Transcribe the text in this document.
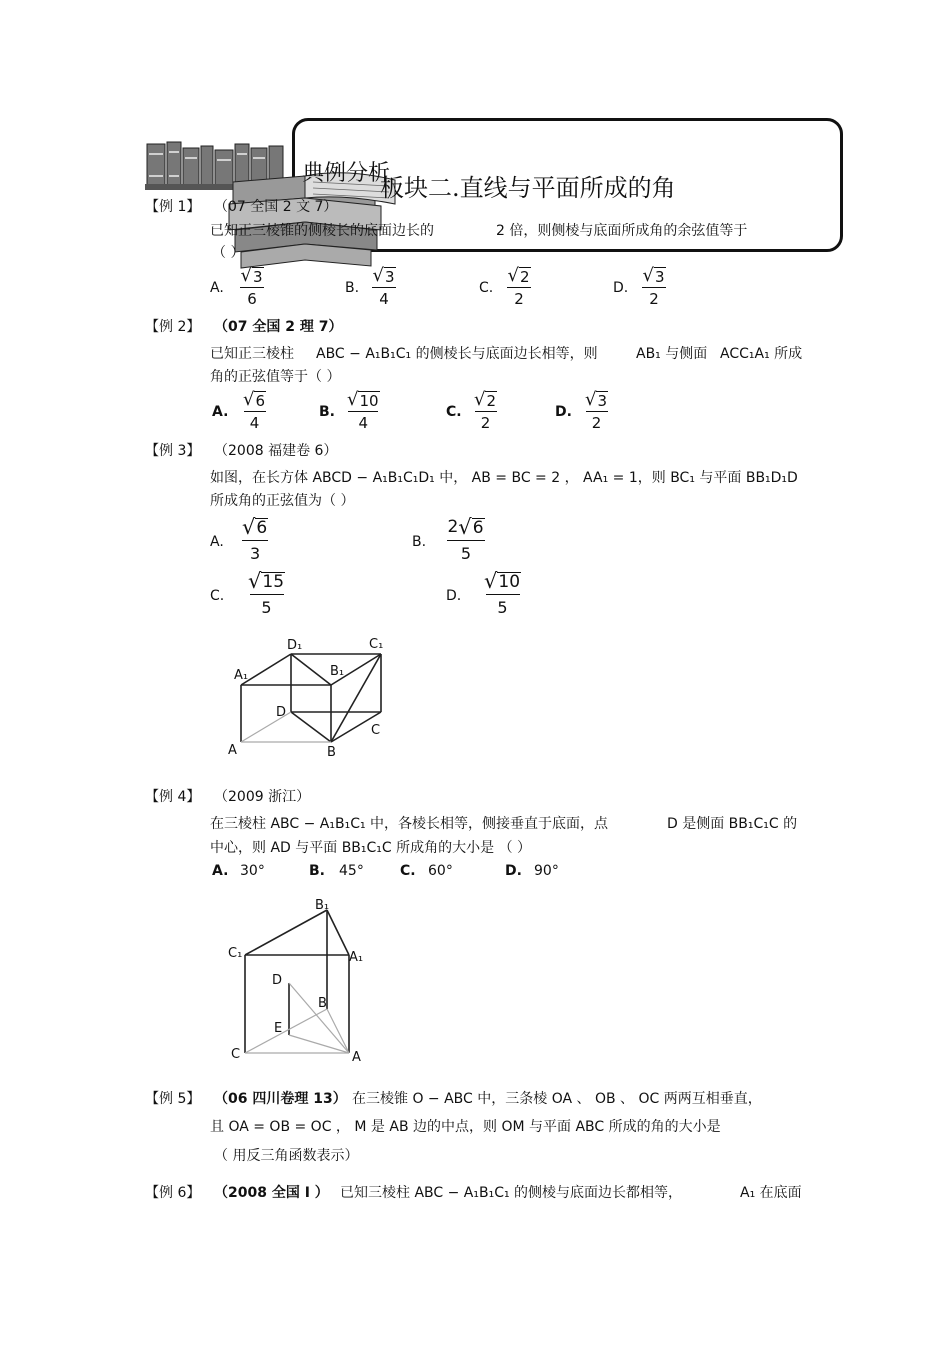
典例分析
板块二.直线与平面所成的角
【例 1】 （07 全国 2 文 7）
已知正三棱锥的侧棱长的底面边长的	2 倍，则侧棱与底面所成角的余弦值等于
（ ）
A.
√ 3
6
B.
√ 3
4
C.
√ 2
2
D.
√ 3
2
【例 2】 （07 全国 2 理 7）
已知正三棱柱 ABC − A₁B₁C₁ 的侧棱长与底面边长相等，则	AB₁ 与侧面 ACC₁A₁ 所成
角的正弦值等于（ ）
A.
√ 6
4
B.
√ 10
4
C.
√ 2
2
D.
√ 3
2
【例 3】 （2008 福建卷 6）
如图，在长方体 ABCD − A₁B₁C₁D₁ 中， AB = BC = 2 ， AA₁ = 1，则 BC₁ 与平面 BB₁D₁D
所成角的正弦值为（ ）
A.
√ 6
3
B.
2 √ 6
5
C.
√ 15
5
D.
√ 10
5
D₁	C₁
A₁	B₁
D
C
A	B
【例 4】 （2009 浙江）
在三棱柱 ABC − A₁B₁C₁ 中，各棱长相等，侧接垂直于底面，点	D 是侧面 BB₁C₁C 的
中心，则 AD 与平面 BB₁C₁C 所成角的大小是 （ ）
A. 30°	B. 45°	C. 60°	D. 90°
B₁
C₁	A₁
D
B
E
C	A
【例 5】 （06 四川卷理 13） 在三棱锥 O − ABC 中，三条棱 OA 、 OB 、 OC 两两互相垂直，
且 OA = OB = OC ， M 是 AB 边的中点，则 OM 与平面 ABC 所成的角的大小是
（ 用反三角函数表示）
【例 6】 （2008 全国 Ⅰ ） 已知三棱柱 ABC − A₁B₁C₁ 的侧棱与底面边长都相等，	A₁ 在底面
